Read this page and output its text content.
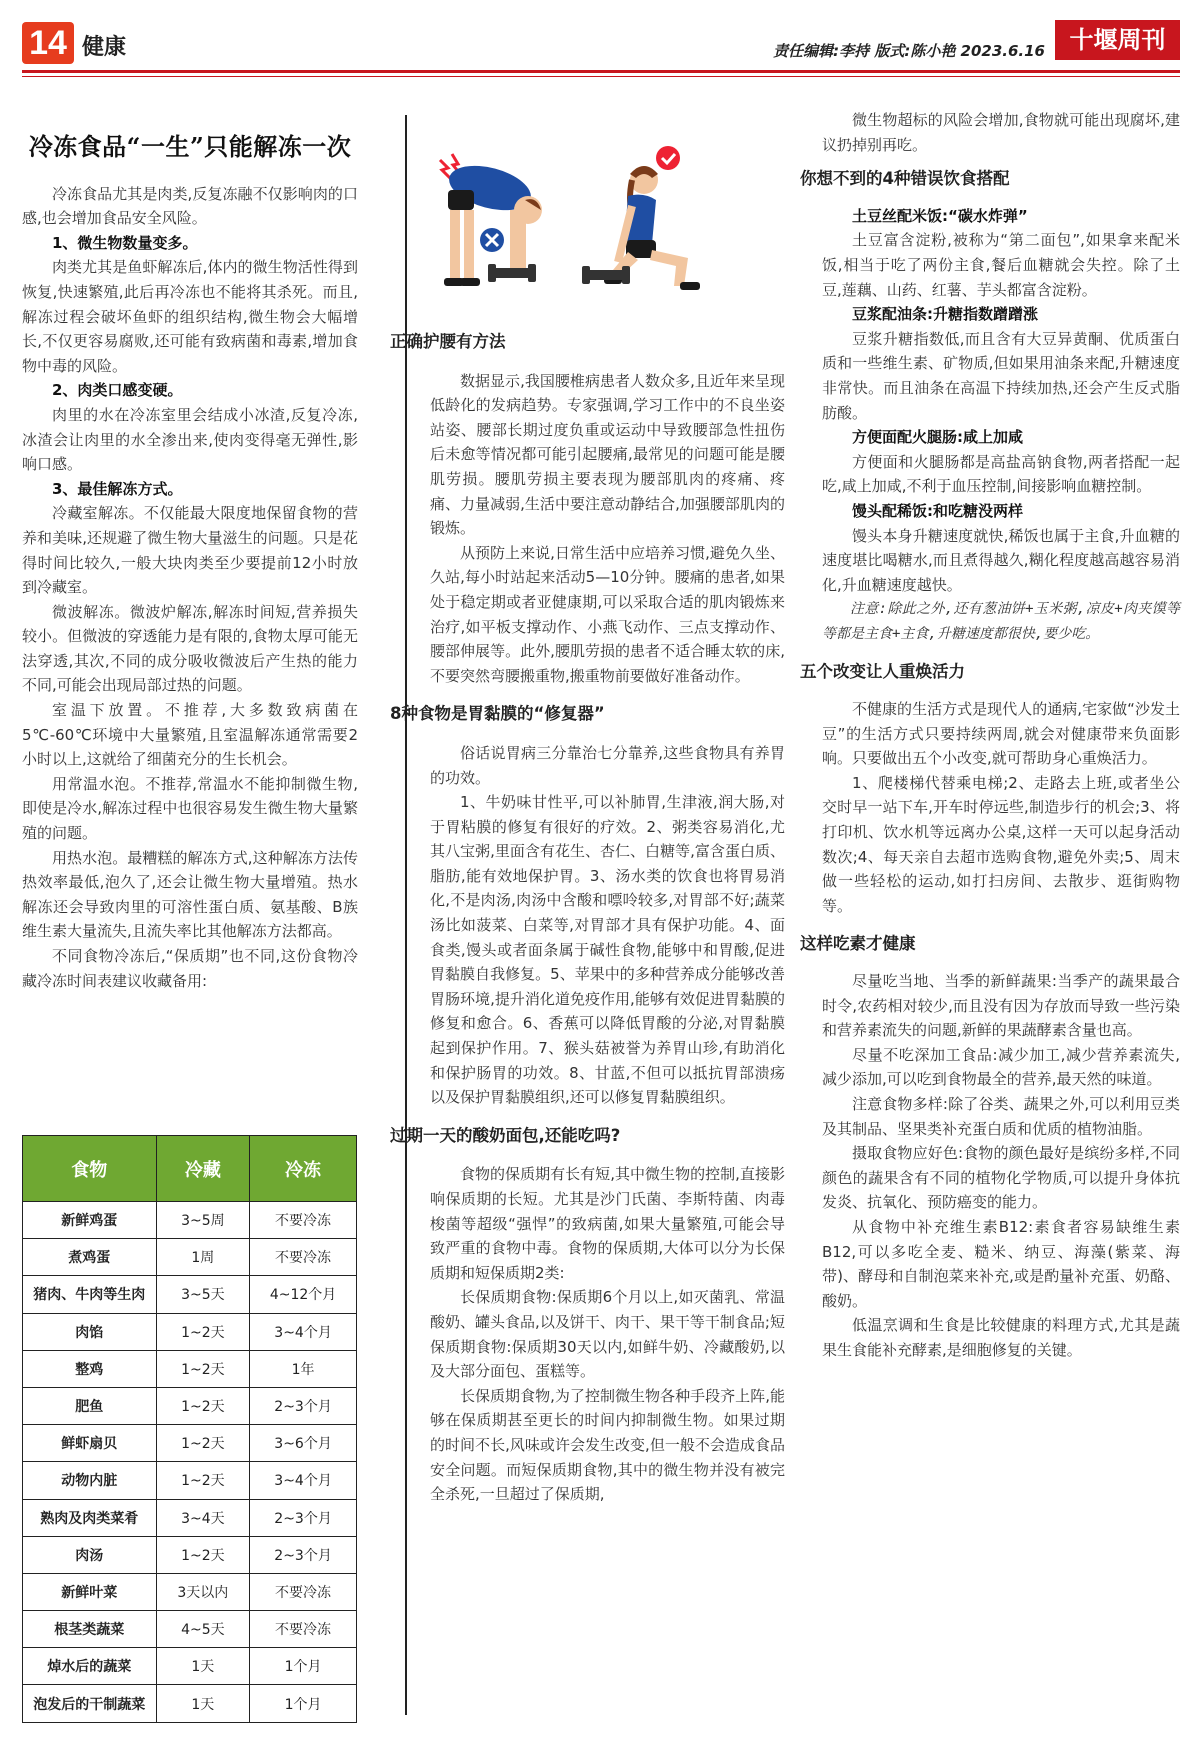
14 健康	责任编辑:李持 版式:陈小艳 2023.6.16	十堰周刊
冷冻食品“一生”只能解冻一次

冷冻食品尤其是肉类,反复冻融不仅影响肉的口感,也会增加食品安全风险。

1、微生物数量变多。

肉类尤其是鱼虾解冻后,体内的微生物活性得到恢复,快速繁殖,此后再冷冻也不能将其杀死。而且,解冻过程会破坏鱼虾的组织结构,微生物会大幅增长,不仅更容易腐败,还可能有致病菌和毒素,增加食物中毒的风险。

2、肉类口感变硬。

肉里的水在冷冻室里会结成小冰渣,反复冷冻,冰渣会让肉里的水全渗出来,使肉变得毫无弹性,影响口感。

3、最佳解冻方式。

冷藏室解冻。不仅能最大限度地保留食物的营养和美味,还规避了微生物大量滋生的问题。只是花得时间比较久,一般大块肉类至少要提前12小时放到冷藏室。

微波解冻。微波炉解冻,解冻时间短,营养损失较小。但微波的穿透能力是有限的,食物太厚可能无法穿透,其次,不同的成分吸收微波后产生热的能力不同,可能会出现局部过热的问题。

室温下放置。不推荐,大多数致病菌在5℃-60℃环境中大量繁殖,且室温解冻通常需要2小时以上,这就给了细菌充分的生长机会。

用常温水泡。不推荐,常温水不能抑制微生物,即使是冷水,解冻过程中也很容易发生微生物大量繁殖的问题。

用热水泡。最糟糕的解冻方式,这种解冻方法传热效率最低,泡久了,还会让微生物大量增殖。热水解冻还会导致肉里的可溶性蛋白质、氨基酸、B族维生素大量流失,且流失率比其他解冻方法都高。

不同食物冷冻后,“保质期”也不同,这份食物冷藏冷冻时间表建议收藏备用:

食物	冷藏	冷冻
新鲜鸡蛋	3~5周	不要冷冻
煮鸡蛋	1周	不要冷冻
猪肉、牛肉等生肉	3~5天	4~12个月
肉馅	1~2天	3~4个月
整鸡	1~2天	1年
肥鱼	1~2天	2~3个月
鲜虾扇贝	1~2天	3~6个月
动物内脏	1~2天	3~4个月
熟肉及肉类菜肴	3~4天	2~3个月
肉汤	1~2天	2~3个月
新鲜叶菜	3天以内	不要冷冻
根茎类蔬菜	4~5天	不要冷冻
焯水后的蔬菜	1天	1个月
泡发后的干制蔬菜	1天	1个月
正确护腰有方法

数据显示,我国腰椎病患者人数众多,且近年来呈现低龄化的发病趋势。专家强调,学习工作中的不良坐姿站姿、腰部长期过度负重或运动中导致腰部急性扭伤后未愈等情况都可能引起腰痛,最常见的问题可能是腰肌劳损。腰肌劳损主要表现为腰部肌肉的疼痛、疼痛、力量减弱,生活中要注意动静结合,加强腰部肌肉的锻炼。

从预防上来说,日常生活中应培养习惯,避免久坐、久站,每小时站起来活动5—10分钟。腰痛的患者,如果处于稳定期或者亚健康期,可以采取合适的肌肉锻炼来治疗,如平板支撑动作、小燕飞动作、三点支撑动作、腰部伸展等。此外,腰肌劳损的患者不适合睡太软的床,不要突然弯腰搬重物,搬重物前要做好准备动作。

8种食物是胃黏膜的“修复器”

俗话说胃病三分靠治七分靠养,这些食物具有养胃的功效。

1、牛奶味甘性平,可以补肺胃,生津液,润大肠,对于胃粘膜的修复有很好的疗效。2、粥类容易消化,尤其八宝粥,里面含有花生、杏仁、白糖等,富含蛋白质、脂肪,能有效地保护胃。3、汤水类的饮食也将胃易消化,不是肉汤,肉汤中含酸和嘌呤较多,对胃部不好;蔬菜汤比如菠菜、白菜等,对胃部才具有保护功能。4、面食类,馒头或者面条属于碱性食物,能够中和胃酸,促进胃黏膜自我修复。5、苹果中的多种营养成分能够改善胃肠环境,提升消化道免疫作用,能够有效促进胃黏膜的修复和愈合。6、香蕉可以降低胃酸的分泌,对胃黏膜起到保护作用。7、猴头菇被誉为养胃山珍,有助消化和保护肠胃的功效。8、甘蓝,不但可以抵抗胃部溃疡以及保护胃黏膜组织,还可以修复胃黏膜组织。

过期一天的酸奶面包,还能吃吗?

食物的保质期有长有短,其中微生物的控制,直接影响保质期的长短。尤其是沙门氏菌、李斯特菌、肉毒梭菌等超级“强悍”的致病菌,如果大量繁殖,可能会导致严重的食物中毒。食物的保质期,大体可以分为长保质期和短保质期2类:

长保质期食物:保质期6个月以上,如灭菌乳、常温酸奶、罐头食品,以及饼干、肉干、果干等干制食品;短保质期食物:保质期30天以内,如鲜牛奶、冷藏酸奶,以及大部分面包、蛋糕等。

长保质期食物,为了控制微生物各种手段齐上阵,能够在保质期甚至更长的时间内抑制微生物。如果过期的时间不长,风味或许会发生改变,但一般不会造成食品安全问题。而短保质期食物,其中的微生物并没有被完全杀死,一旦超过了保质期,

微生物超标的风险会增加,食物就可能出现腐坏,建议扔掉别再吃。

你想不到的4种错误饮食搭配

土豆丝配米饭:“碳水炸弹”

土豆富含淀粉,被称为“第二面包”,如果拿来配米饭,相当于吃了两份主食,餐后血糖就会失控。除了土豆,莲藕、山药、红薯、芋头都富含淀粉。

豆浆配油条:升糖指数蹭蹭涨

豆浆升糖指数低,而且含有大豆异黄酮、优质蛋白质和一些维生素、矿物质,但如果用油条来配,升糖速度非常快。而且油条在高温下持续加热,还会产生反式脂肪酸。

方便面配火腿肠:咸上加咸

方便面和火腿肠都是高盐高钠食物,两者搭配一起吃,咸上加咸,不利于血压控制,间接影响血糖控制。

馒头配稀饭:和吃糖没两样

馒头本身升糖速度就快,稀饭也属于主食,升血糖的速度堪比喝糖水,而且煮得越久,糊化程度越高越容易消化,升血糖速度越快。

注意:除此之外,还有葱油饼+玉米粥,凉皮+肉夹馍等等都是主食+主食,升糖速度都很快,要少吃。

五个改变让人重焕活力

不健康的生活方式是现代人的通病,宅家做“沙发土豆”的生活方式只要持续两周,就会对健康带来负面影响。只要做出五个小改变,就可帮助身心重焕活力。

1、爬楼梯代替乘电梯;2、走路去上班,或者坐公交时早一站下车,开车时停远些,制造步行的机会;3、将打印机、饮水机等远离办公桌,这样一天可以起身活动数次;4、每天亲自去超市选购食物,避免外卖;5、周末做一些轻松的运动,如打扫房间、去散步、逛街购物等。

这样吃素才健康

尽量吃当地、当季的新鲜蔬果:当季产的蔬果最合时令,农药相对较少,而且没有因为存放而导致一些污染和营养素流失的问题,新鲜的果蔬酵素含量也高。

尽量不吃深加工食品:减少加工,减少营养素流失,减少添加,可以吃到食物最全的营养,最天然的味道。

注意食物多样:除了谷类、蔬果之外,可以利用豆类及其制品、坚果类补充蛋白质和优质的植物油脂。

摄取食物应好色:食物的颜色最好是缤纷多样,不同颜色的蔬果含有不同的植物化学物质,可以提升身体抗发炎、抗氧化、预防癌变的能力。

从食物中补充维生素B12:素食者容易缺维生素B12,可以多吃全麦、糙米、纳豆、海藻(紫菜、海带)、酵母和自制泡菜来补充,或是酌量补充蛋、奶酪、酸奶。

低温烹调和生食是比较健康的料理方式,尤其是蔬果生食能补充酵素,是细胞修复的关键。
